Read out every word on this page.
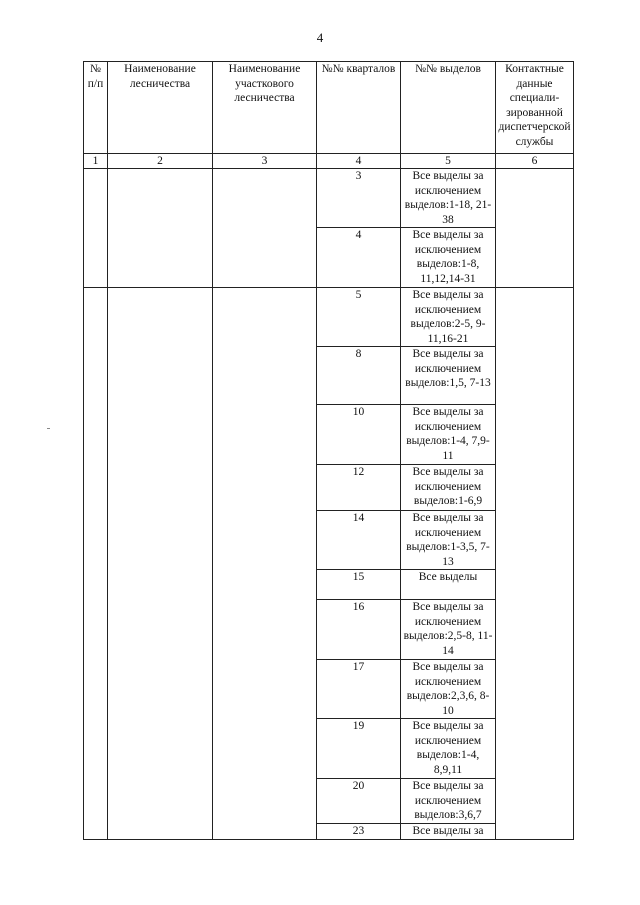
4
№ п/п	Наименование лесничества	Наименование участкового лесничества	№№ кварталов	№№ выделов	Контактные данные специали-зированной диспетчерской службы
1	2	3	4	5	6
			3	Все выделы за исключением выделов:1-18, 21-38	
			4	Все выделы за исключением выделов:1-8, 11,12,14-31	
			5	Все выделы за исключением выделов:2-5, 9-11,16-21	
			8	Все выделы за исключением выделов:1,5, 7-13	
			10	Все выделы за исключением выделов:1-4, 7,9-11	
			12	Все выделы за исключением выделов:1-6,9	
			14	Все выделы за исключением выделов:1-3,5, 7-13	
			15	Все выделы	
			16	Все выделы за исключением выделов:2,5-8, 11-14	
			17	Все выделы за исключением выделов:2,3,6, 8-10	
			19	Все выделы за исключением выделов:1-4, 8,9,11	
			20	Все выделы за исключением выделов:3,6,7	
			23	Все выделы за	
